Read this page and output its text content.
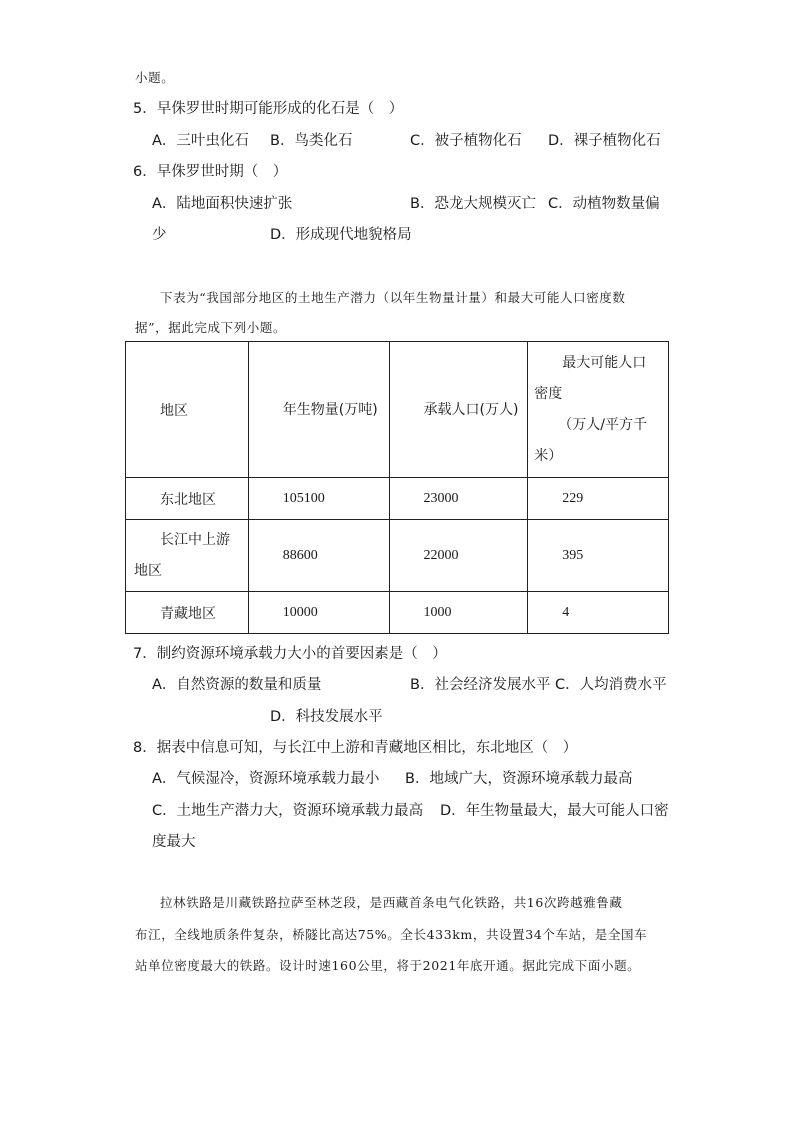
小题。
5．早侏罗世时期可能形成的化石是（　）
A．三叶虫化石 B．鸟类化石	C．被子植物化石 D．裸子植物化石
6．早侏罗世时期（　）
A．陆地面积快速扩张	B．恐龙大规模灭亡 C．动植物数量偏
少	D．形成现代地貌格局
下表为“我国部分地区的土地生产潜力（以年生物量计量）和最大可能人口密度数
据”，据此完成下列小题。
地区	年生物量(万吨)	承载人口(万人)	最大可能人口
密度
（万人/平方千
米）

东北地区	105100	23000	229

长江中上游
地区	88600	22000	395
青藏地区	10000	1000	4
7．制约资源环境承载力大小的首要因素是（　）
A．自然资源的数量和质量	B．社会经济发展水平 C．人均消费水平
D．科技发展水平
8．据表中信息可知，与长江中上游和青藏地区相比，东北地区（　）
A．气候湿冷，资源环境承载力最小 B．地域广大，资源环境承载力最高
C．土地生产潜力大，资源环境承载力最高 D．年生物量最大，最大可能人口密
度最大
拉林铁路是川藏铁路拉萨至林芝段，是西藏首条电气化铁路，共16次跨越雅鲁藏
布江，全线地质条件复杂，桥隧比高达75%。全长433km，共设置34个车站，是全国车
站单位密度最大的铁路。设计时速160公里，将于2021年底开通。据此完成下面小题。
